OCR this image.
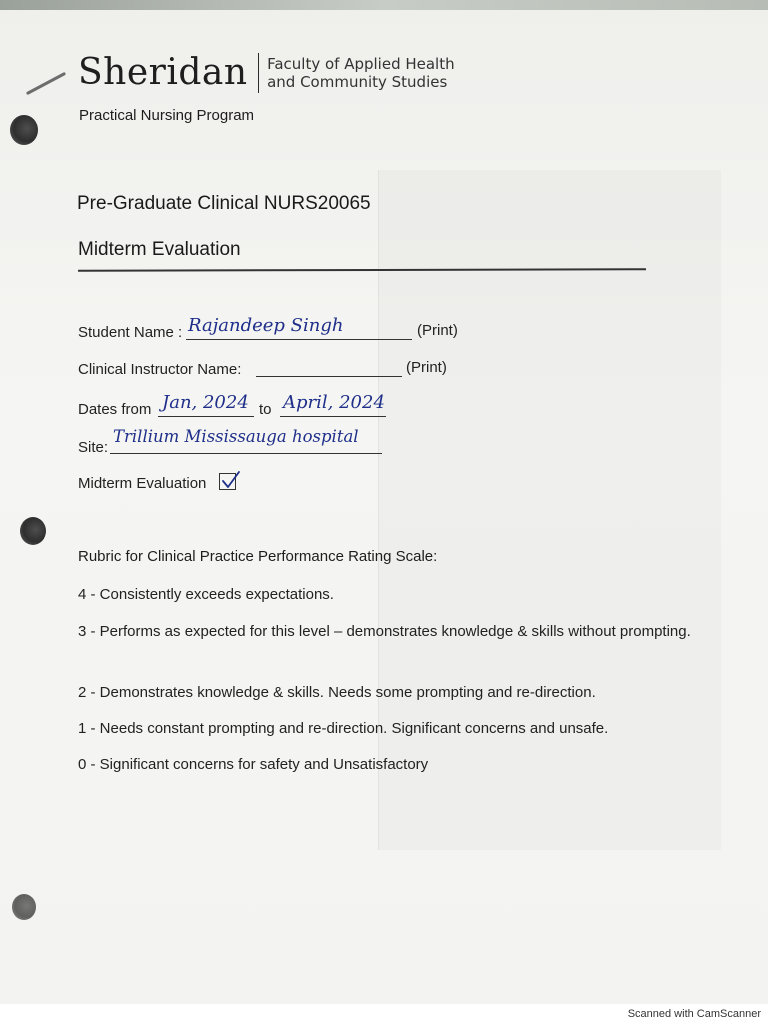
Sheridan Faculty of Applied Health
and Community Studies
Practical Nursing Program
Pre-Graduate Clinical NURS20065
Midterm Evaluation
Student Name : Rajandeep Singh	(Print)
Clinical Instructor Name:	(Print)
Dates from Jan, 2024 to April, 2024
Site:
Trillium Mississauga hospital
Midterm Evaluation
Rubric for Clinical Practice Performance Rating Scale:
4 - Consistently exceeds expectations.
3 - Performs as expected for this level – demonstrates knowledge & skills without prompting.
2 - Demonstrates knowledge & skills. Needs some prompting and re-direction.
1 - Needs constant prompting and re-direction. Significant concerns and unsafe.
0 - Significant concerns for safety and Unsatisfactory
Scanned with CamScanner
